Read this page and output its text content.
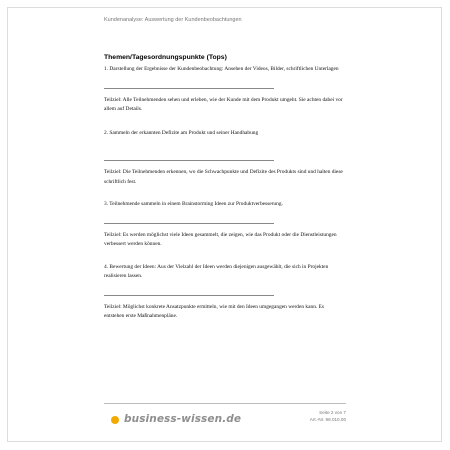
Kundenanalyse: Auswertung der Kundenbeobachtungen

Themen/Tagesordnungspunkte (Tops)

1. Darstellung der Ergebnisse der Kundenbeobachtung: Ansehen der Videos, Bilder, schriftlichen Unterlagen

Teilziel: Alle Teilnehmenden sehen und erleben, wie der Kunde mit dem Produkt umgeht. Sie achten dabei vor allem auf Details.

2. Sammeln der erkannten Defizite am Produkt und seiner Handhabung

Teilziel: Die Teilnehmenden erkennen, wo die Schwachpunkte und Defizite des Produkts sind und halten diese schriftlich fest.

3. Teilnehmende sammeln in einem Brainstorming Ideen zur Produktverbesserung.

Teilziel: Es werden möglichst viele Ideen gesammelt, die zeigen, wie das Produkt oder die Dienstleistungen verbessert werden können.

4. Bewertung der Ideen: Aus der Vielzahl der Ideen werden diejenigen ausgewählt, die sich in Projekten realisieren lassen.

Teilziel: Möglichst konkrete Ansatzpunkte ermitteln, wie mit den Ideen umgegangen werden kann. Es entstehen erste Maßnahmenpläne.

business-wissen.de
Seite 2 von 7
Art.-Nr. 98.010.00
